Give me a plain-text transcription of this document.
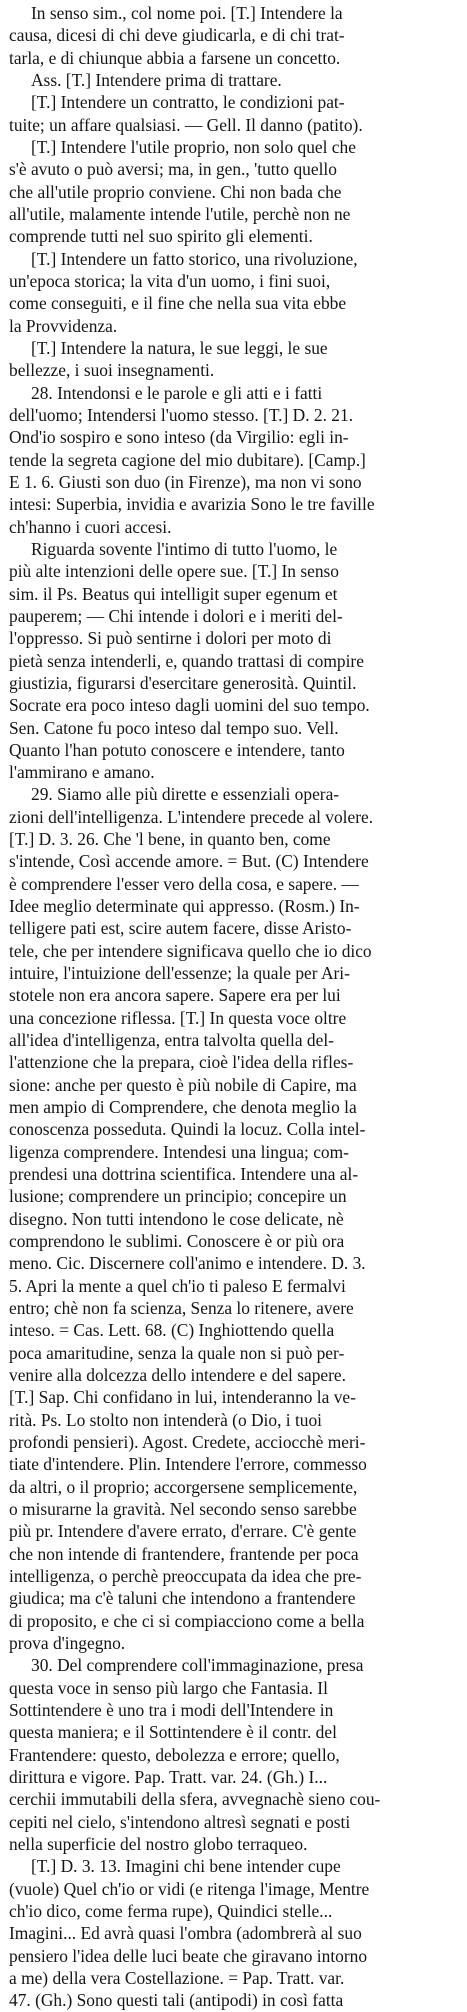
In senso sim., col nome poi. [T.] Intendere la
causa, dicesi di chi deve giudicarla, e di chi trat-
tarla, e di chiunque abbia a farsene un concetto.
Ass. [T.] Intendere prima di trattare.
[T.] Intendere un contratto, le condizioni pat-
tuite; un affare qualsiasi. — Gell. Il danno (patito).
[T.] Intendere l'utile proprio, non solo quel che
s'è avuto o può aversi; ma, in gen., 'tutto quello
che all'utile proprio conviene. Chi non bada che
all'utile, malamente intende l'utile, perchè non ne
comprende tutti nel suo spirito gli elementi.
[T.] Intendere un fatto storico, una rivoluzione,
un'epoca storica; la vita d'un uomo, i fini suoi,
come conseguiti, e il fine che nella sua vita ebbe
la Provvidenza.
[T.] Intendere la natura, le sue leggi, le sue
bellezze, i suoi insegnamenti.
28. Intendonsi e le parole e gli atti e i fatti
dell'uomo; Intendersi l'uomo stesso. [T.] D. 2. 21.
Ond'io sospiro e sono inteso (da Virgilio: egli in-
tende la segreta cagione del mio dubitare). [Camp.]
E 1. 6. Giusti son duo (in Firenze), ma non vi sono
intesi: Superbia, invidia e avarizia Sono le tre faville
ch'hanno i cuori accesi.
Riguarda sovente l'intimo di tutto l'uomo, le
più alte intenzioni delle opere sue. [T.] In senso
sim. il Ps. Beatus qui intelligit super egenum et
pauperem; — Chi intende i dolori e i meriti del-
l'oppresso. Si può sentirne i dolori per moto di
pietà senza intenderli, e, quando trattasi di compire
giustizia, figurarsi d'esercitare generosità. Quintil.
Socrate era poco inteso dagli uomini del suo tempo.
Sen. Catone fu poco inteso dal tempo suo. Vell.
Quanto l'han potuto conoscere e intendere, tanto
l'ammirano e amano.
29. Siamo alle più dirette e essenziali opera-
zioni dell'intelligenza. L'intendere precede al volere.
[T.] D. 3. 26. Che 'l bene, in quanto ben, come
s'intende, Così accende amore. = But. (C) Intendere
è comprendere l'esser vero della cosa, e sapere. —
Idee meglio determinate qui appresso. (Rosm.) In-
telligere pati est, scire autem facere, disse Aristo-
tele, che per intendere significava quello che io dico
intuire, l'intuizione dell'essenze; la quale per Ari-
stotele non era ancora sapere. Sapere era per lui
una concezione riflessa. [T.] In questa voce oltre
all'idea d'intelligenza, entra talvolta quella del-
l'attenzione che la prepara, cioè l'idea della rifles-
sione: anche per questo è più nobile di Capire, ma
men ampio di Comprendere, che denota meglio la
conoscenza posseduta. Quindi la locuz. Colla intel-
ligenza comprendere. Intendesi una lingua; com-
prendesi una dottrina scientifica. Intendere una al-
lusione; comprendere un principio; concepire un
disegno. Non tutti intendono le cose delicate, nè
comprendono le sublimi. Conoscere è or più ora
meno. Cic. Discernere coll'animo e intendere. D. 3.
5. Apri la mente a quel ch'io ti paleso E fermalvi
entro; chè non fa scienza, Senza lo ritenere, avere
inteso. = Cas. Lett. 68. (C) Inghiottendo quella
poca amaritudine, senza la quale non si può per-
venire alla dolcezza dello intendere e del sapere.
[T.] Sap. Chi confidano in lui, intenderanno la ve-
rità. Ps. Lo stolto non intenderà (o Dio, i tuoi
profondi pensieri). Agost. Credete, acciocchè meri-
tiate d'intendere. Plin. Intendere l'errore, commesso
da altri, o il proprio; accorgersene semplicemente,
o misurarne la gravità. Nel secondo senso sarebbe
più pr. Intendere d'avere errato, d'errare. C'è gente
che non intende di frantendere, frantende per poca
intelligenza, o perchè preoccupata da idea che pre-
giudica; ma c'è taluni che intendono a frantendere
di proposito, e che ci si compiacciono come a bella
prova d'ingegno.
30. Del comprendere coll'immaginazione, presa
questa voce in senso più largo che Fantasia. Il
Sottintendere è uno tra i modi dell'Intendere in
questa maniera; e il Sottintendere è il contr. del
Frantendere: questo, debolezza e errore; quello,
dirittura e vigore. Pap. Tratt. var. 24. (Gh.) I...
cerchii immutabili della sfera, avvegnachè sieno cou-
cepiti nel cielo, s'intendono altresì segnati e posti
nella superficie del nostro globo terraqueo.
[T.] D. 3. 13. Imagini chi bene intender cupe
(vuole) Quel ch'io or vidi (e ritenga l'image, Mentre
ch'io dico, come ferma rupe), Quindici stelle...
Imagini... Ed avrà quasi l'ombra (adombrerà al suo
pensiero l'idea delle luci beate che giravano intorno
a me) della vera Costellazione. = Pap. Tratt. var.
47. (Gh.) Sono questi tali (antipodi) in così fatta
